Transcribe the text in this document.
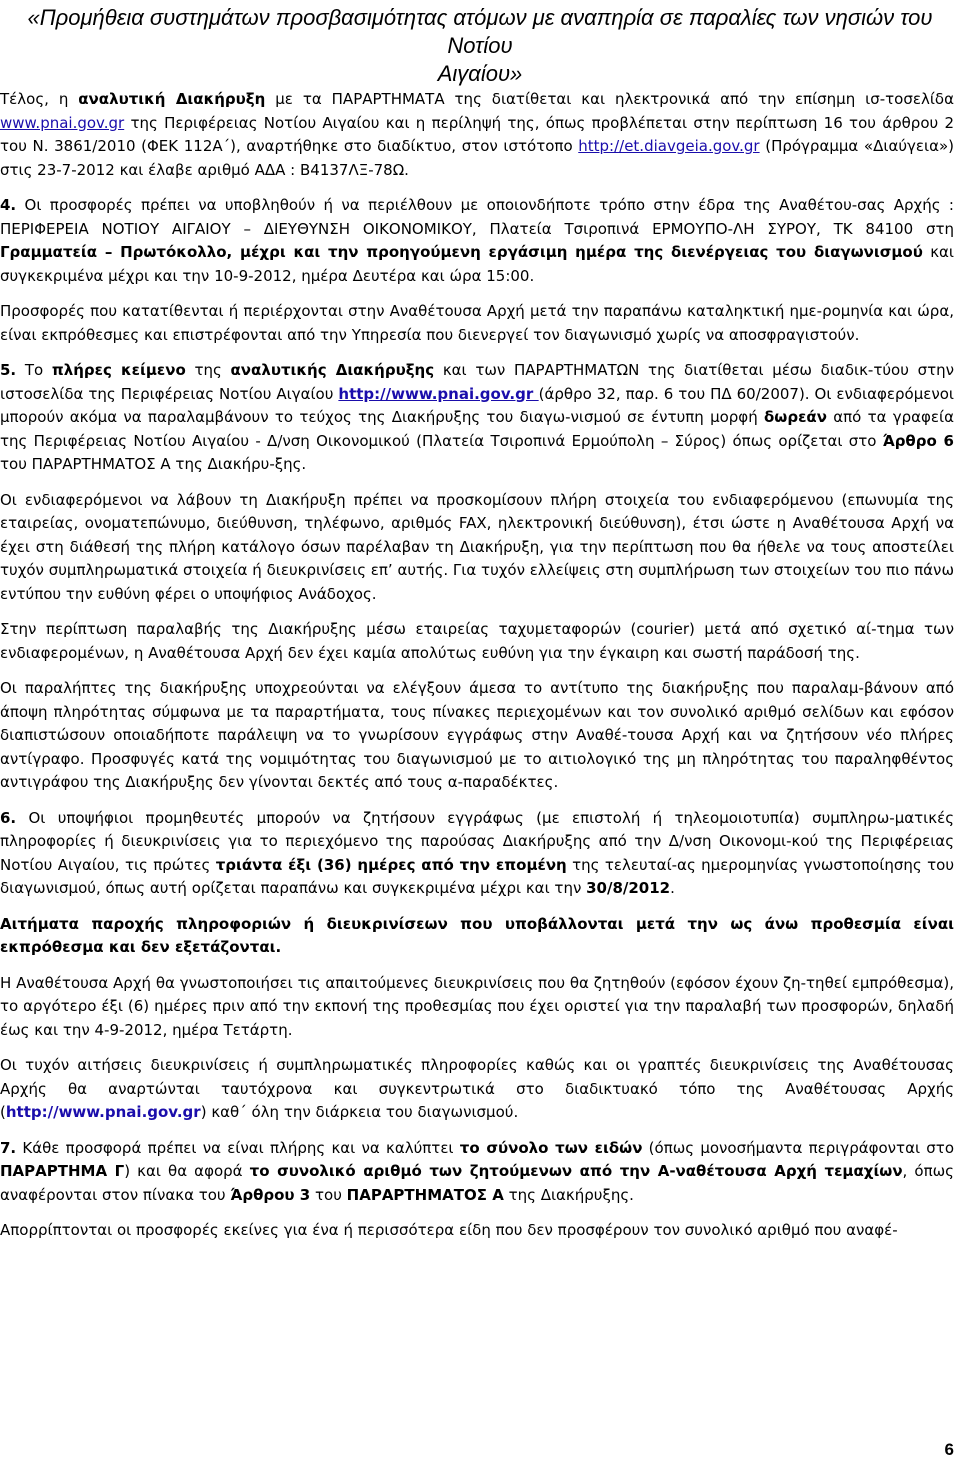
«Προμήθεια συστημάτων προσβασιμότητας ατόμων με αναπηρία σε παραλίες των νησιών του Νοτίου
Αιγαίου»

Τέλος, η αναλυτική Διακήρυξη με τα ΠΑΡΑΡΤΗΜΑΤΑ της διατίθεται και ηλεκτρονικά από την επίσημη ισ-τοσελίδα www.pnai.gov.gr της Περιφέρειας Νοτίου Αιγαίου και η περίληψή της, όπως προβλέπεται στην περίπτωση 16 του άρθρου 2 του Ν. 3861/2010 (ΦΕΚ 112Α΄), αναρτήθηκε στο διαδίκτυο, στον ιστότοπο http://et.diavgeia.gov.gr (Πρόγραμμα «Διαύγεια») στις 23-7-2012 και έλαβε αριθμό ΑΔΑ : Β4137ΛΞ-78Ω.

4. Οι προσφορές πρέπει να υποβληθούν ή να περιέλθουν με οποιονδήποτε τρόπο στην έδρα της Αναθέτου-σας Αρχής : ΠΕΡΙΦΕΡΕΙΑ ΝΟΤΙΟΥ ΑΙΓΑΙΟΥ – ΔΙΕΥΘΥΝΣΗ ΟΙΚΟΝΟΜΙΚΟΥ, Πλατεία Τσιροπινά ΕΡΜΟΥΠΟ-ΛΗ ΣΥΡΟΥ, ΤΚ 84100 στη Γραμματεία – Πρωτόκολλο, μέχρι και την προηγούμενη εργάσιμη ημέρα της διενέργειας του διαγωνισμού και συγκεκριμένα μέχρι και την 10-9-2012, ημέρα Δευτέρα και ώρα 15:00.

Προσφορές που κατατίθενται ή περιέρχονται στην Αναθέτουσα Αρχή μετά την παραπάνω καταληκτική ημε-ρομηνία και ώρα, είναι εκπρόθεσμες και επιστρέφονται από την Υπηρεσία που διενεργεί τον διαγωνισμό χωρίς να αποσφραγιστούν.

5. Το πλήρες κείμενο της αναλυτικής Διακήρυξης και των ΠΑΡΑΡΤΗΜΑΤΩΝ της διατίθεται μέσω διαδικ-τύου στην ιστοσελίδα της Περιφέρειας Νοτίου Αιγαίου http://www.pnai.gov.gr (άρθρο 32, παρ. 6 του ΠΔ 60/2007). Οι ενδιαφερόμενοι μπορούν ακόμα να παραλαμβάνουν το τεύχος της Διακήρυξης του διαγω-νισμού σε έντυπη μορφή δωρεάν από τα γραφεία της Περιφέρειας Νοτίου Αιγαίου - Δ/νση Οικονομικού (Πλατεία Τσιροπινά Ερμούπολη – Σύρος) όπως ορίζεται στο Άρθρο 6 του ΠΑΡΑΡΤΗΜΑΤΟΣ Α της Διακήρυ-ξης.

Οι ενδιαφερόμενοι να λάβουν τη Διακήρυξη πρέπει να προσκομίσουν πλήρη στοιχεία του ενδιαφερόμενου (επωνυμία της εταιρείας, ονοματεπώνυμο, διεύθυνση, τηλέφωνο, αριθμός FAX, ηλεκτρονική διεύθυνση), έτσι ώστε η Αναθέτουσα Αρχή να έχει στη διάθεσή της πλήρη κατάλογο όσων παρέλαβαν τη Διακήρυξη, για την περίπτωση που θα ήθελε να τους αποστείλει τυχόν συμπληρωματικά στοιχεία ή διευκρινίσεις επ’ αυτής. Για τυχόν ελλείψεις στη συμπλήρωση των στοιχείων του πιο πάνω εντύπου την ευθύνη φέρει ο υποψήφιος Ανάδοχος.

Στην περίπτωση παραλαβής της Διακήρυξης μέσω εταιρείας ταχυμεταφορών (courier) μετά από σχετικό αί-τημα των ενδιαφερομένων, η Αναθέτουσα Αρχή δεν έχει καμία απολύτως ευθύνη για την έγκαιρη και σωστή παράδοσή της.

Οι παραλήπτες της διακήρυξης υποχρεούνται να ελέγξουν άμεσα το αντίτυπο της διακήρυξης που παραλαμ-βάνουν από άποψη πληρότητας σύμφωνα με τα παραρτήματα, τους πίνακες περιεχομένων και τον συνολικό αριθμό σελίδων και εφόσον διαπιστώσουν οποιαδήποτε παράλειψη να το γνωρίσουν εγγράφως στην Αναθέ-τουσα Αρχή και να ζητήσουν νέο πλήρες αντίγραφο. Προσφυγές κατά της νομιμότητας του διαγωνισμού με το αιτιολογικό της μη πληρότητας του παραληφθέντος αντιγράφου της Διακήρυξης δεν γίνονται δεκτές από τους α-παραδέκτες.

6. Οι υποψήφιοι προμηθευτές μπορούν να ζητήσουν εγγράφως (με επιστολή ή τηλεομοιοτυπία) συμπληρω-ματικές πληροφορίες ή διευκρινίσεις για το περιεχόμενο της παρούσας Διακήρυξης από την Δ/νση Οικονομι-κού της Περιφέρειας Νοτίου Αιγαίου, τις πρώτες τριάντα έξι (36) ημέρες από την επομένη της τελευταί-ας ημερομηνίας γνωστοποίησης του διαγωνισμού, όπως αυτή ορίζεται παραπάνω και συγκεκριμένα μέχρι και την 30/8/2012.

Αιτήματα παροχής πληροφοριών ή διευκρινίσεων που υποβάλλονται μετά την ως άνω προθεσμία είναι εκπρόθεσμα και δεν εξετάζονται.

Η Αναθέτουσα Αρχή θα γνωστοποιήσει τις απαιτούμενες διευκρινίσεις που θα ζητηθούν (εφόσον έχουν ζη-τηθεί εμπρόθεσμα), το αργότερο έξι (6) ημέρες πριν από την εκπονή της προθεσμίας που έχει οριστεί για την παραλαβή των προσφορών, δηλαδή έως και την 4-9-2012, ημέρα Τετάρτη.

Οι τυχόν αιτήσεις διευκρινίσεις ή συμπληρωματικές πληροφορίες καθώς και οι γραπτές διευκρινίσεις της Αναθέτουσας Αρχής θα αναρτώνται ταυτόχρονα και συγκεντρωτικά στο διαδικτυακό τόπο της Αναθέτουσας Αρχής (http://www.pnai.gov.gr) καθ΄ όλη την διάρκεια του διαγωνισμού.

7. Κάθε προσφορά πρέπει να είναι πλήρης και να καλύπτει το σύνολο των ειδών (όπως μονοσήμαντα περιγράφονται στο ΠΑΡΑΡΤΗΜΑ Γ) και θα αφορά το συνολικό αριθμό των ζητούμενων από την Α-ναθέτουσα Αρχή τεμαχίων, όπως αναφέρονται στον πίνακα του Άρθρου 3 του ΠΑΡΑΡΤΗΜΑΤΟΣ Α της Διακήρυξης.

Απορρίπτονται οι προσφορές εκείνες για ένα ή περισσότερα είδη που δεν προσφέρουν τον συνολικό αριθμό που αναφέ-

6
